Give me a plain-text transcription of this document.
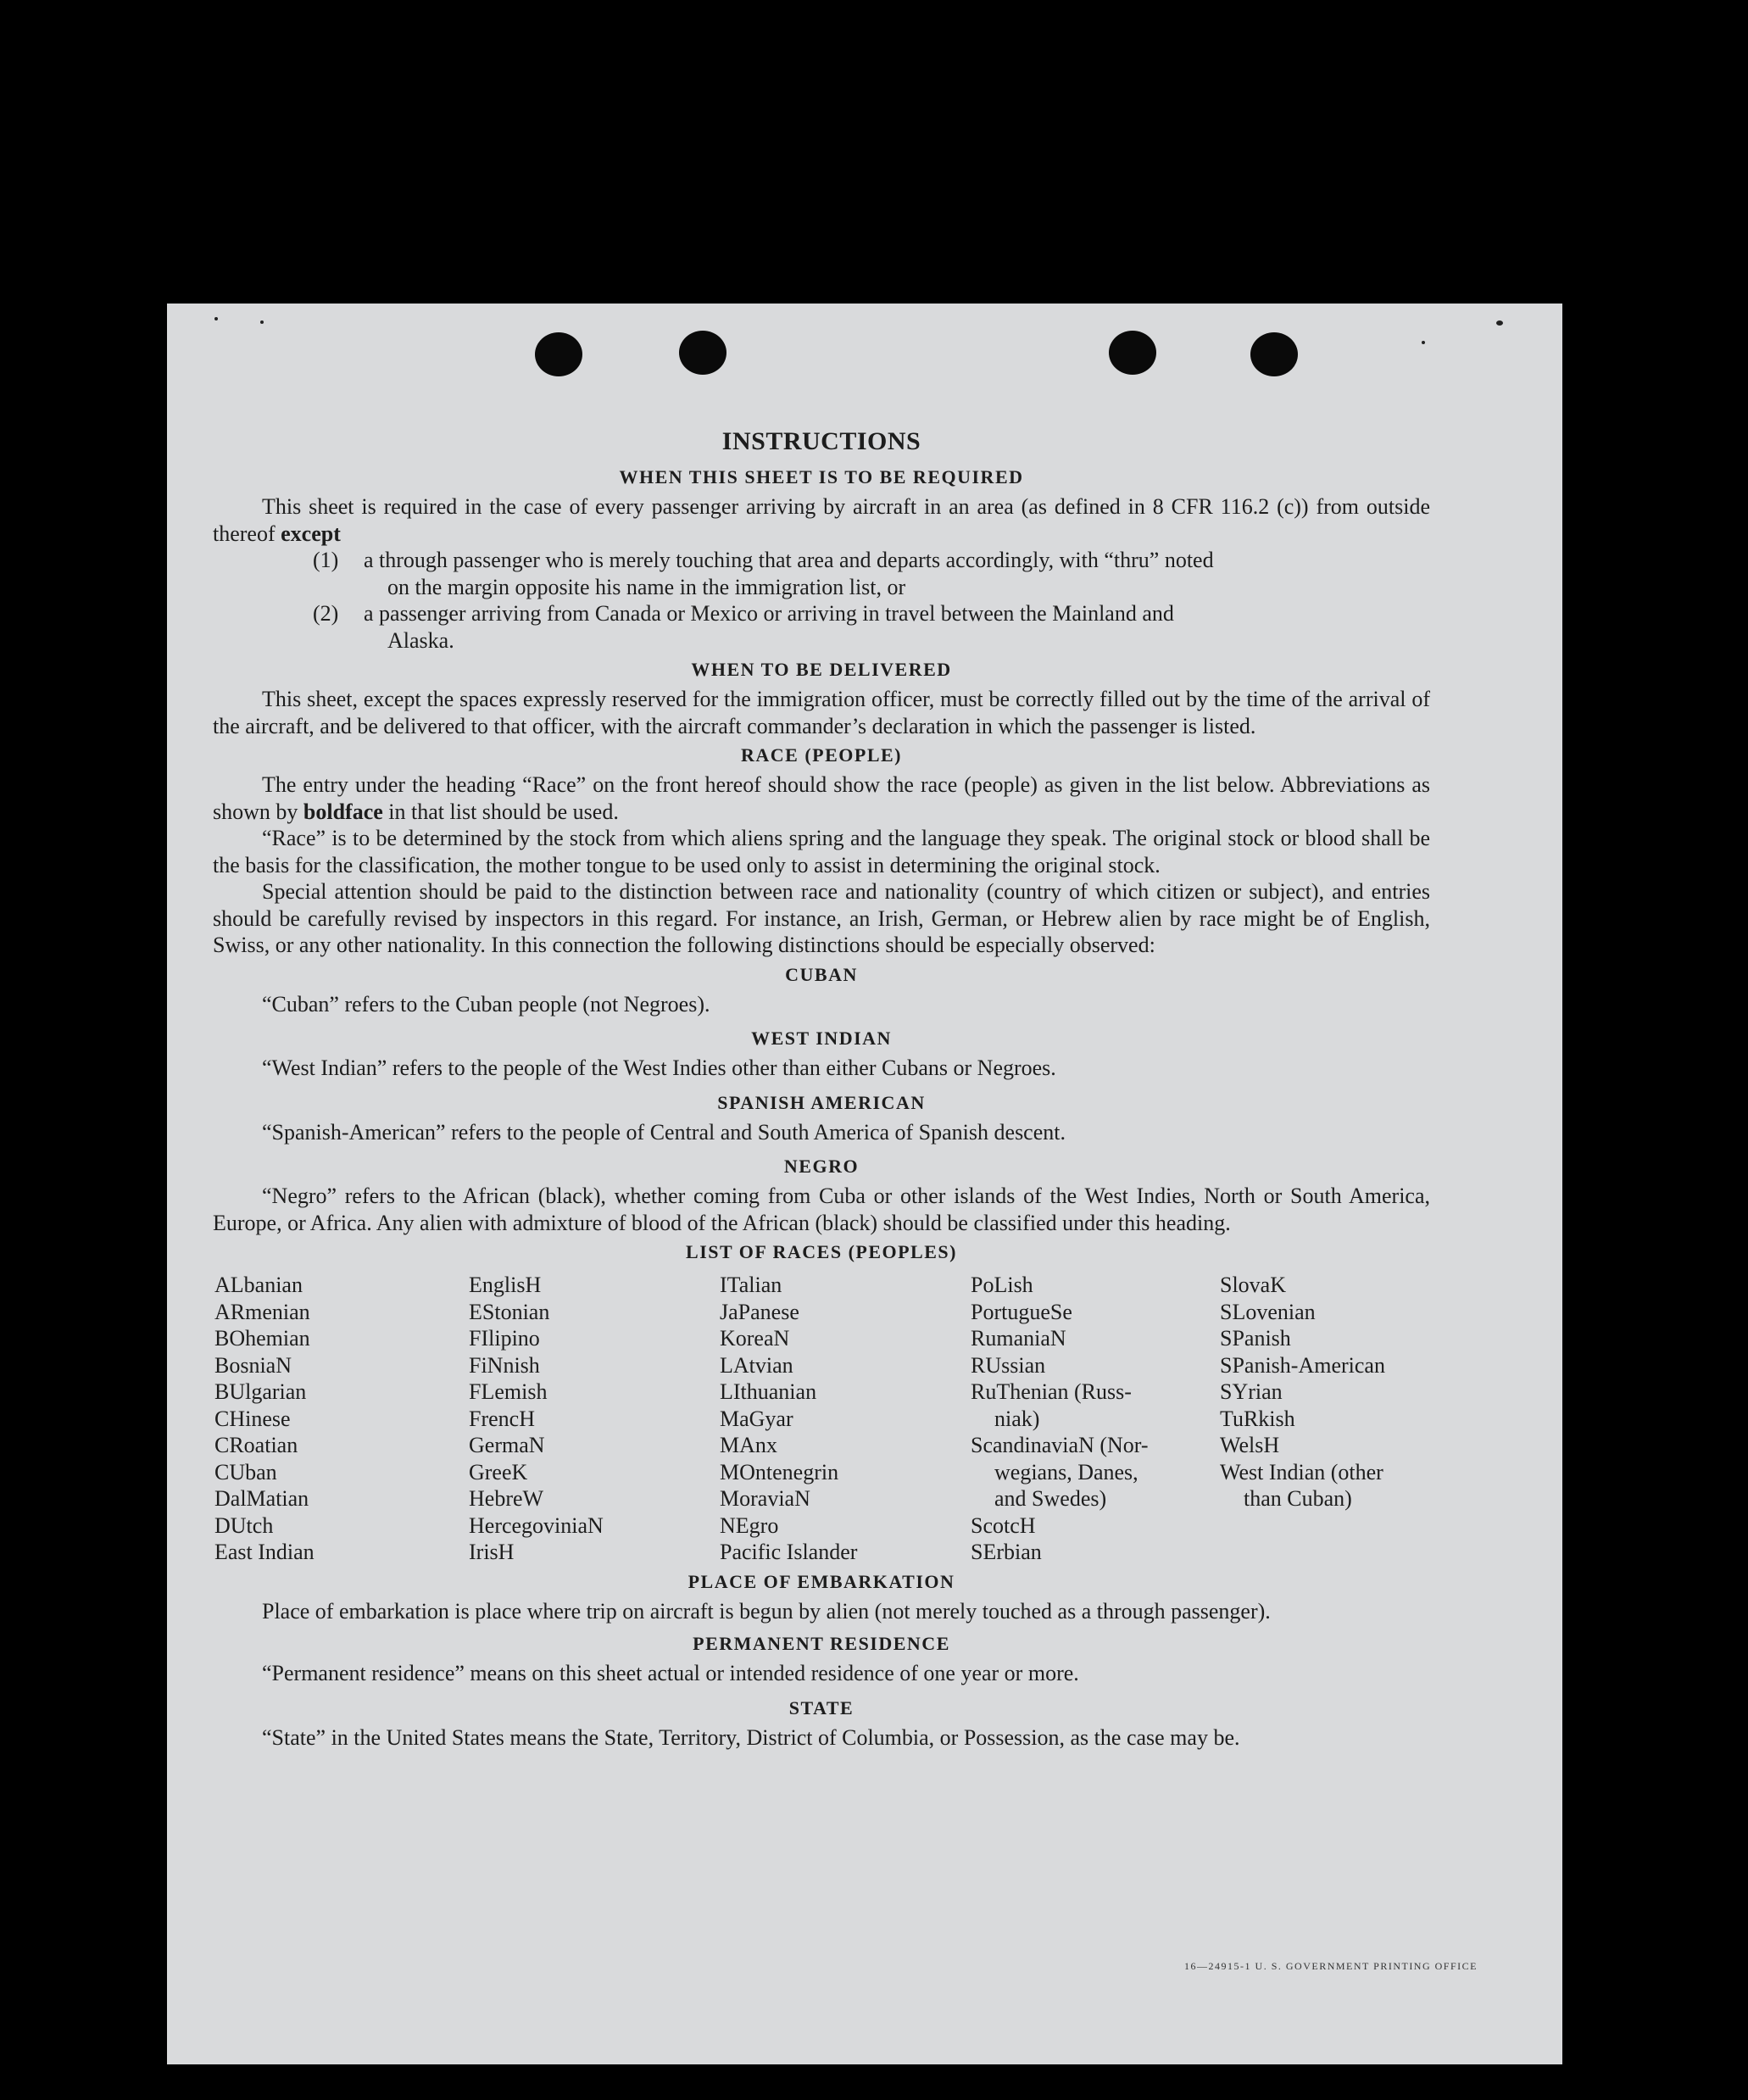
INSTRUCTIONS
WHEN THIS SHEET IS TO BE REQUIRED

This sheet is required in the case of every passenger arriving by aircraft in an area (as defined in 8 CFR 116.2 (c)) from outside thereof except

(1)	a through passenger who is merely touching that area and departs accordingly, with “thru” noted
on the margin opposite his name in the immigration list, or
(2)	a passenger arriving from Canada or Mexico or arriving in travel between the Mainland and
Alaska.
WHEN TO BE DELIVERED

This sheet, except the spaces expressly reserved for the immigration officer, must be correctly filled out by the time of the arrival of the aircraft, and be delivered to that officer, with the aircraft commander’s declaration in which the passenger is listed.

RACE (PEOPLE)

The entry under the heading “Race” on the front hereof should show the race (people) as given in the list below. Abbreviations as shown by boldface in that list should be used.

“Race” is to be determined by the stock from which aliens spring and the language they speak. The original stock or blood shall be the basis for the classification, the mother tongue to be used only to assist in determining the original stock.

Special attention should be paid to the distinction between race and nationality (country of which citizen or subject), and entries should be carefully revised by inspectors in this regard. For instance, an Irish, German, or Hebrew alien by race might be of English, Swiss, or any other nationality. In this connection the following distinctions should be especially observed:

CUBAN

“Cuban” refers to the Cuban people (not Negroes).

WEST INDIAN

“West Indian” refers to the people of the West Indies other than either Cubans or Negroes.

SPANISH AMERICAN

“Spanish-American” refers to the people of Central and South America of Spanish descent.

NEGRO

“Negro” refers to the African (black), whether coming from Cuba or other islands of the West Indies, North or South America, Europe, or Africa. Any alien with admixture of blood of the African (black) should be classified under this heading.

LIST OF RACES (PEOPLES)
ALbanian
ARmenian
BOhemian
BosniaN
BUlgarian
CHinese
CRoatian
CUban
DalMatian
DUtch
East Indian
EnglisH
EStonian
FIlipino
FiNnish
FLemish
FrencH
GermaN
GreeK
HebreW
HercegoviniaN
IrisH
ITalian
JaPanese
KoreaN
LAtvian
LIthuanian
MaGyar
MAnx
MOntenegrin
MoraviaN
NEgro
Pacific Islander
PoLish
PortugueSe
RumaniaN
RUssian
RuThenian (Russ-
niak)
ScandinaviaN (Nor-
wegians, Danes,
and Swedes)
ScotcH
SErbian
SlovaK
SLovenian
SPanish
SPanish-American
SYrian
TuRkish
WelsH
West Indian (other
than Cuban)
PLACE OF EMBARKATION

Place of embarkation is place where trip on aircraft is begun by alien (not merely touched as a through passenger).

PERMANENT RESIDENCE

“Permanent residence” means on this sheet actual or intended residence of one year or more.

STATE

“State” in the United States means the State, Territory, District of Columbia, or Possession, as the case may be.

16—24915-1 U. S. GOVERNMENT PRINTING OFFICE
